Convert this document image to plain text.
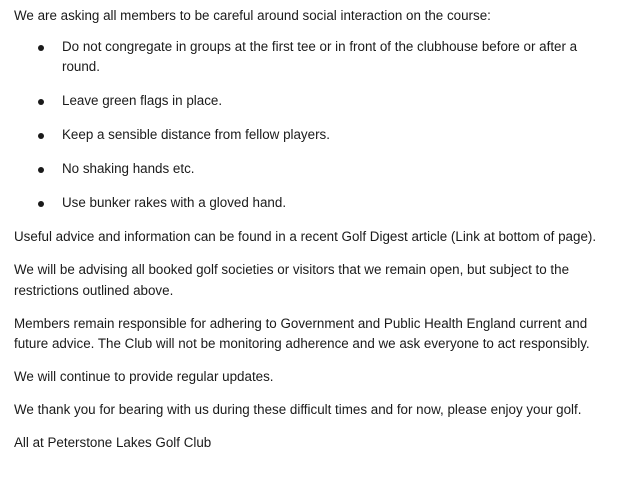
We are asking all members to be careful around social interaction on the course:

Do not congregate in groups at the first tee or in front of the clubhouse before or after a round.
Leave green flags in place.
Keep a sensible distance from fellow players.
No shaking hands etc.
Use bunker rakes with a gloved hand.

Useful advice and information can be found in a recent Golf Digest article (Link at bottom of page).

We will be advising all booked golf societies or visitors that we remain open, but subject to the restrictions outlined above.

Members remain responsible for adhering to Government and Public Health England current and future advice. The Club will not be monitoring adherence and we ask everyone to act responsibly.

We will continue to provide regular updates.

We thank you for bearing with us during these difficult times and for now, please enjoy your golf.

All at Peterstone Lakes Golf Club
